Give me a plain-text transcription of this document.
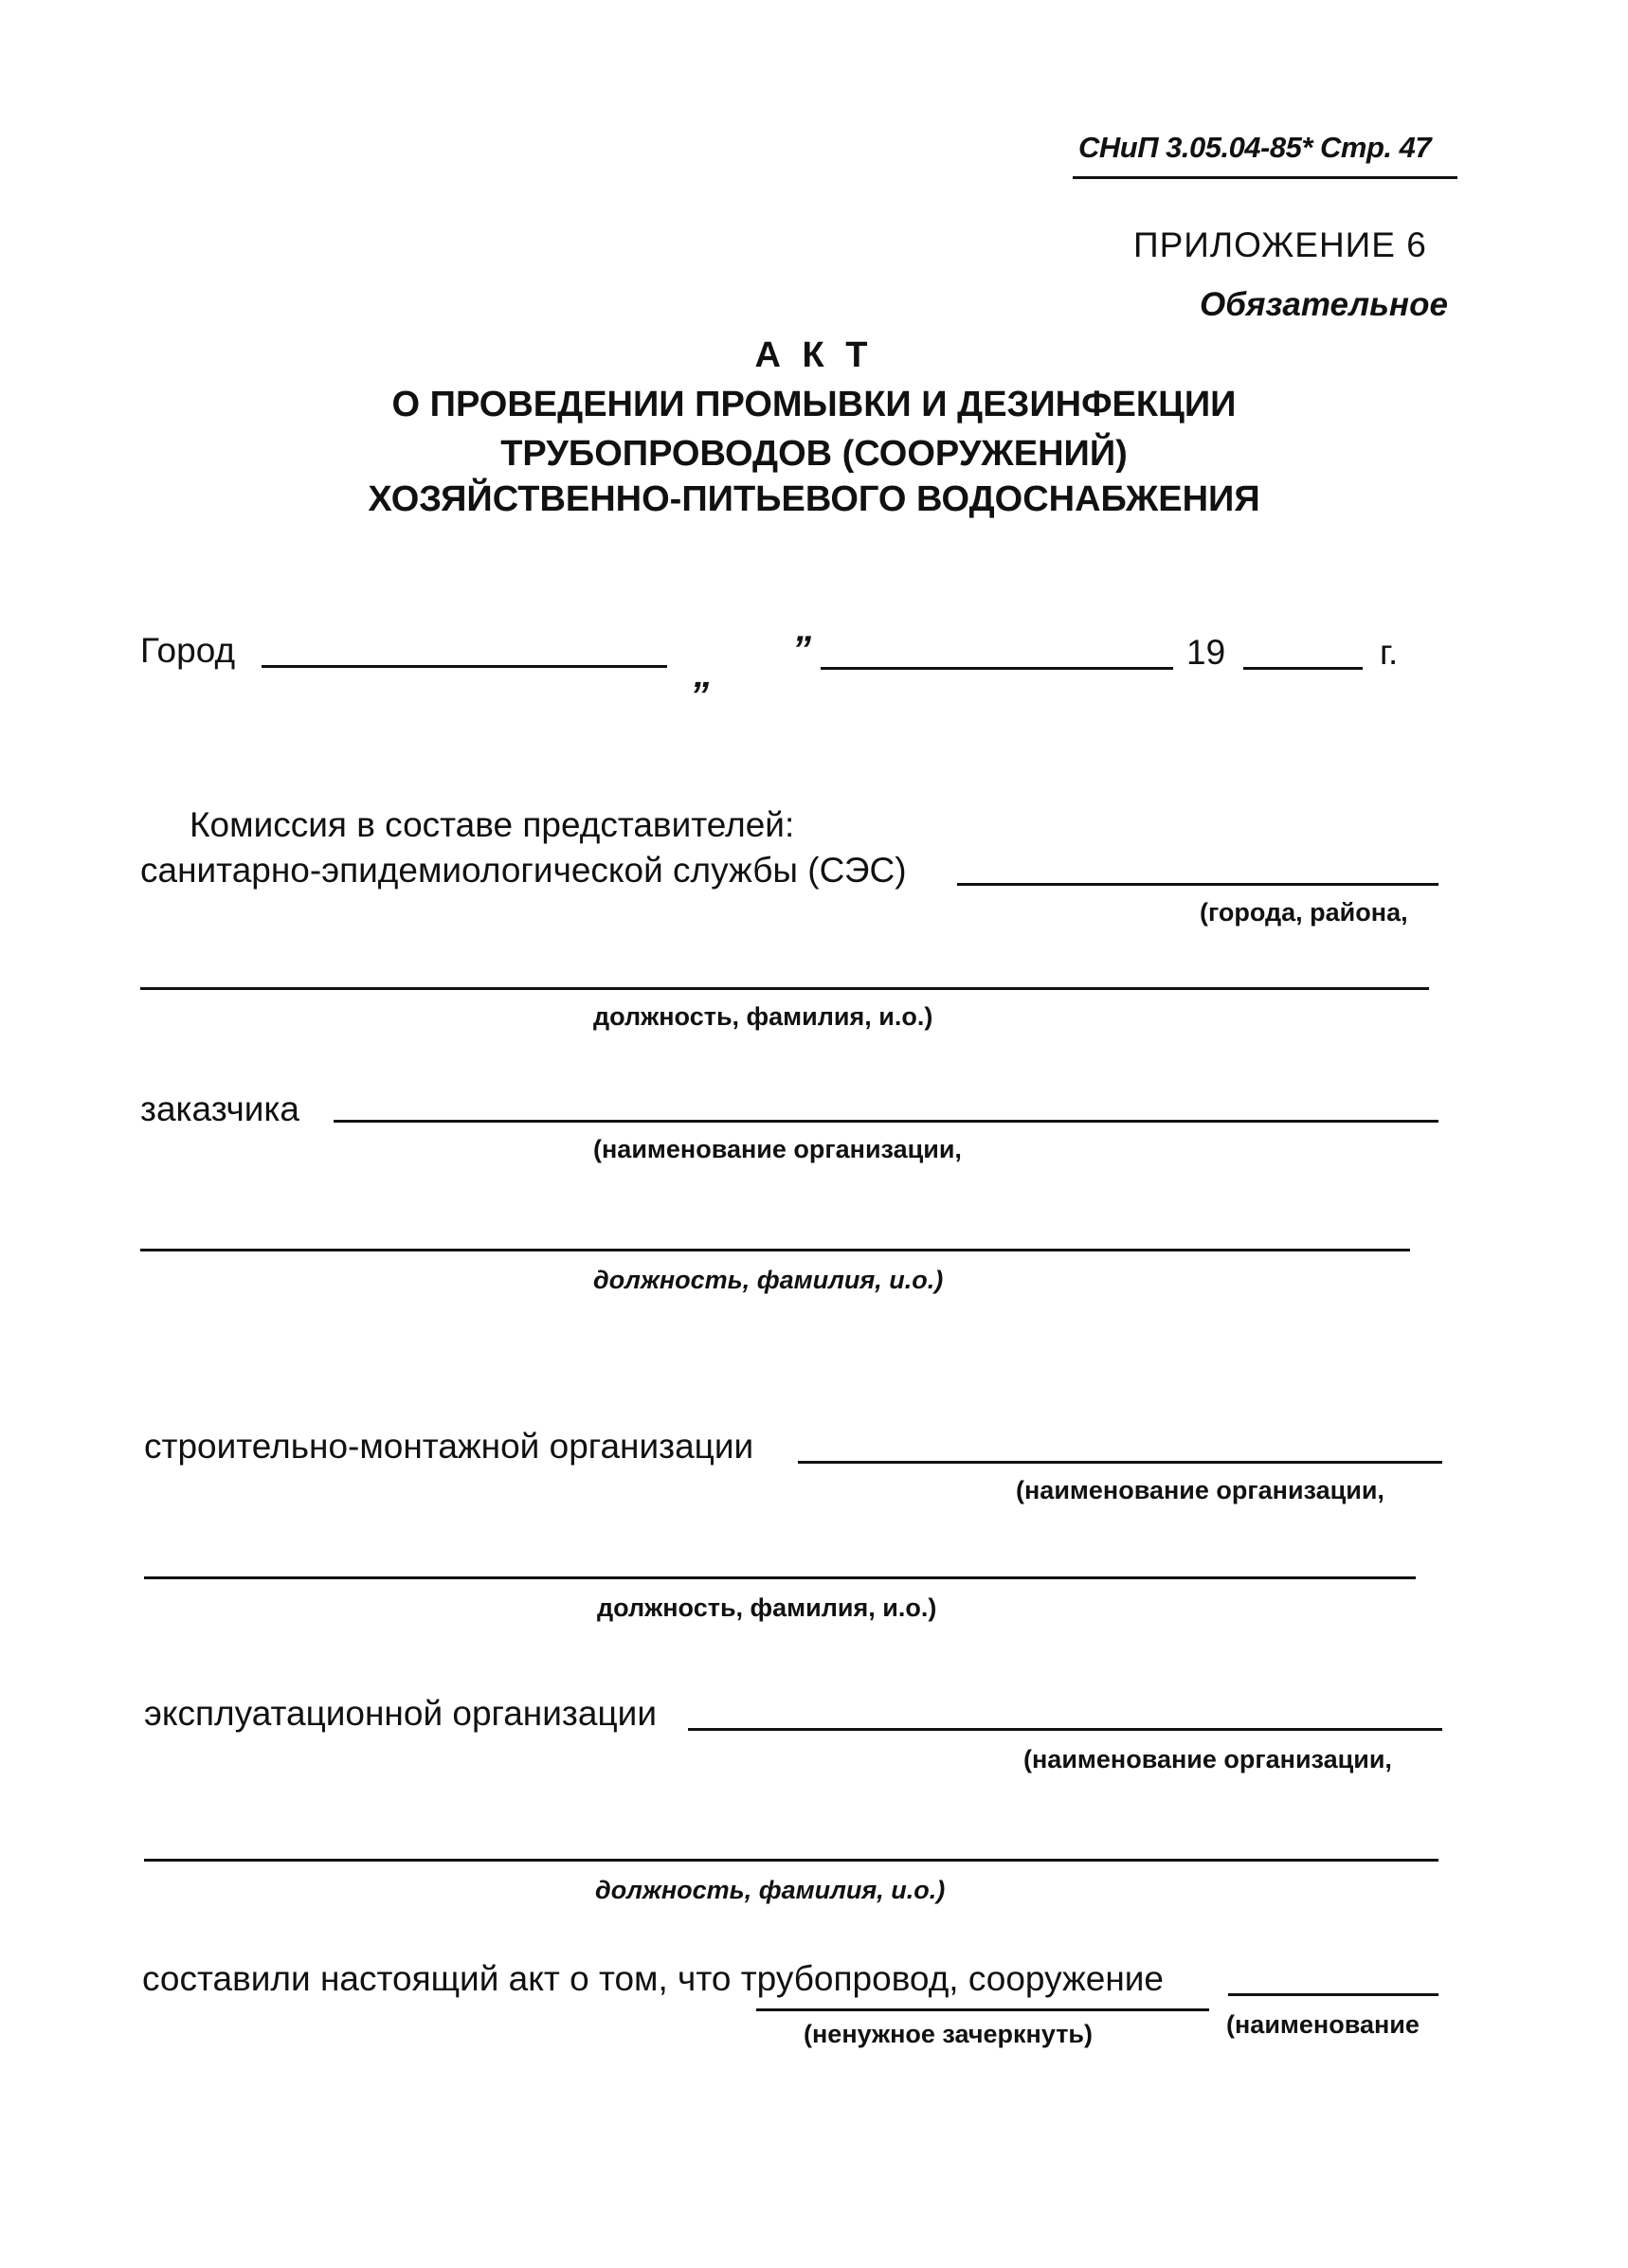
СНиП 3.05.04-85* Стр. 47
ПРИЛОЖЕНИЕ 6
Обязательное
А К Т
О ПРОВЕДЕНИИ ПРОМЫВКИ И ДЕЗИНФЕКЦИИ
ТРУБОПРОВОДОВ (СООРУЖЕНИЙ)
ХОЗЯЙСТВЕННО-ПИТЬЕВОГО ВОДОСНАБЖЕНИЯ
Город
„
”	19	г.
Комиссия в составе представителей:
санитарно-эпидемиологической службы (СЭС)
(города, района,
должность, фамилия, и.о.)
заказчика
(наименование организации,
должность, фамилия, и.о.)
строительно-монтажной организации
(наименование организации,
должность, фамилия, и.о.)
эксплуатационной организации
(наименование организации,
должность, фамилия, и.о.)
составили настоящий акт о том, что трубопровод, сооружение
(ненужное зачеркнуть)	(наименование
